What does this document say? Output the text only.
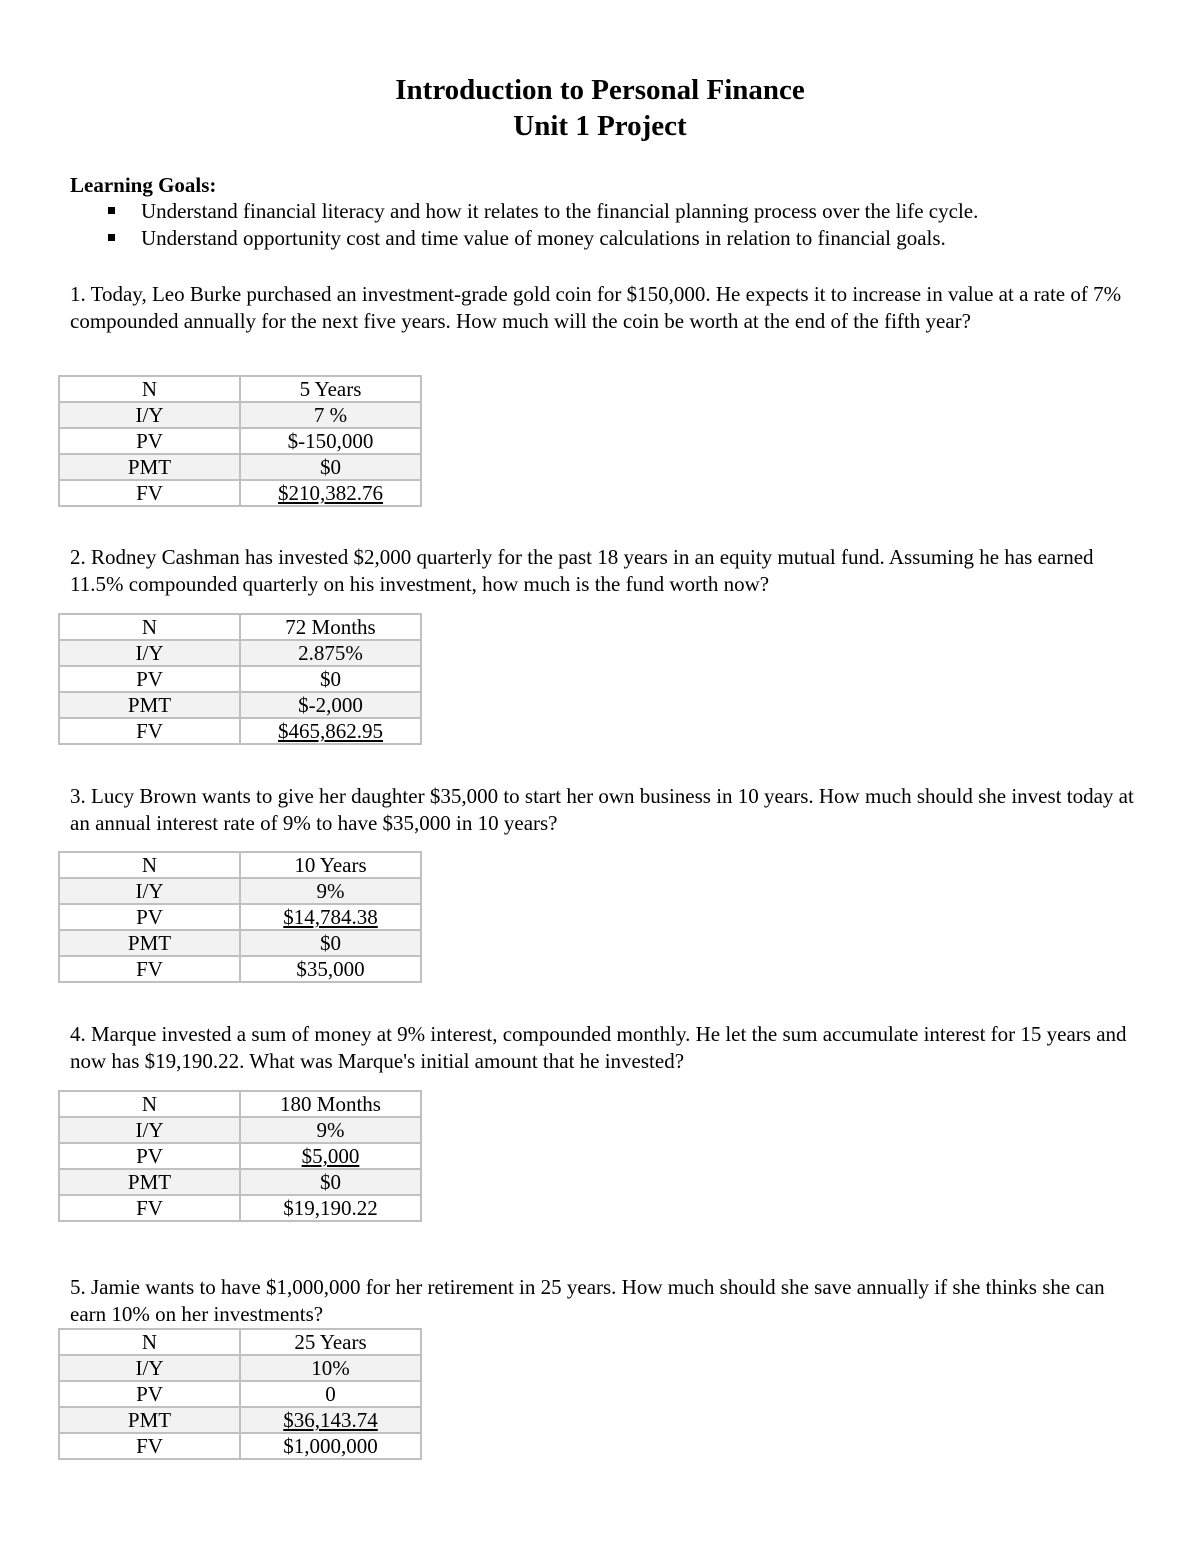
Introduction to Personal Finance
Unit 1 Project
Learning Goals:
Understand financial literacy and how it relates to the financial planning process over the life cycle.
Understand opportunity cost and time value of money calculations in relation to financial goals.

1. Today, Leo Burke purchased an investment-grade gold coin for $150,000. He expects it to increase in value at a rate of 7% compounded annually for the next five years. How much will the coin be worth at the end of the fifth year?

N	5 Years
I/Y	7 %
PV	$-150,000
PMT	$0
FV	$210,382.76

2. Rodney Cashman has invested $2,000 quarterly for the past 18 years in an equity mutual fund. Assuming he has earned 11.5% compounded quarterly on his investment, how much is the fund worth now?

N	72 Months
I/Y	2.875%
PV	$0
PMT	$-2,000
FV	$465,862.95

3. Lucy Brown wants to give her daughter $35,000 to start her own business in 10 years. How much should she invest today at an annual interest rate of 9% to have $35,000 in 10 years?

N	10 Years
I/Y	9%
PV	$14,784.38
PMT	$0
FV	$35,000

4. Marque invested a sum of money at 9% interest, compounded monthly. He let the sum accumulate interest for 15 years and now has $19,190.22. What was Marque's initial amount that he invested?

N	180 Months
I/Y	9%
PV	$5,000
PMT	$0
FV	$19,190.22

5. Jamie wants to have $1,000,000 for her retirement in 25 years. How much should she save annually if she thinks she can earn 10% on her investments?

N	25 Years
I/Y	10%
PV	0
PMT	$36,143.74
FV	$1,000,000
